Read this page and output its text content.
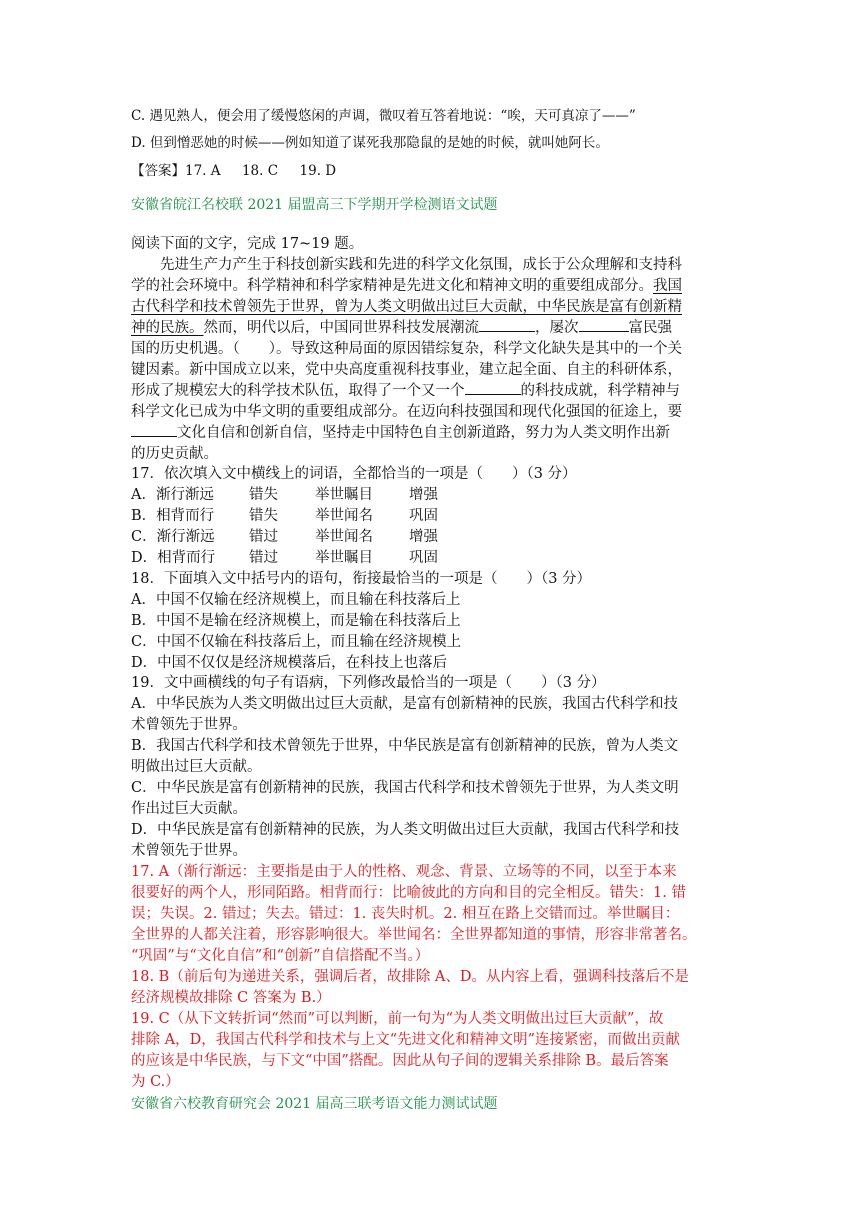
C. 遇见熟人，便会用了缓慢悠闲的声调，微叹着互答着地说：“唉，天可真凉了——”
D. 但到憎恶她的时候——例如知道了谋死我那隐鼠的是她的时候，就叫她阿长。
【答案】17. A     18. C     19. D
安徽省皖江名校联 2021 届盟高三下学期开学检测语文试题
阅读下面的文字，完成 17~19 题。
先进生产力产生于科技创新实践和先进的科学文化氛围，成长于公众理解和支持科
学的社会环境中。科学精神和科学家精神是先进文化和精神文明的重要组成部分。我国
古代科学和技术曾领先于世界，曾为人类文明做出过巨大贡献，中华民族是富有创新精
神的民族。然而，明代以后，中国同世界科技发展潮流	，屡次	富民强
国的历史机遇。（　　）。导致这种局面的原因错综复杂，科学文化缺失是其中的一个关
键因素。新中国成立以来，党中央高度重视科技事业，建立起全面、自主的科研体系，
形成了规模宏大的科学技术队伍，取得了一个又一个	的科技成就，科学精神与
科学文化已成为中华文明的重要组成部分。在迈向科技强国和现代化强国的征途上，要
文化自信和创新自信，坚持走中国特色自主创新道路，努力为人类文明作出新
的历史贡献。
17．依次填入文中横线上的词语，全都恰当的一项是（　　）（3 分）
A．渐行渐远 错失	举世瞩目 增强
B．相背而行 错失	举世闻名 巩固
C．渐行渐远 错过	举世闻名 增强
D．相背而行 错过	举世瞩目 巩固
18．下面填入文中括号内的语句，衔接最恰当的一项是（　　）（3 分）
A．中国不仅输在经济规模上，而且输在科技落后上
B．中国不是输在经济规模上，而是输在科技落后上
C．中国不仅输在科技落后上，而且输在经济规模上
D．中国不仅仅是经济规模落后，在科技上也落后
19．文中画横线的句子有语病，下列修改最恰当的一项是（　　）（3 分）
A．中华民族为人类文明做出过巨大贡献，是富有创新精神的民族，我国古代科学和技
术曾领先于世界。
B．我国古代科学和技术曾领先于世界，中华民族是富有创新精神的民族，曾为人类文
明做出过巨大贡献。
C．中华民族是富有创新精神的民族，我国古代科学和技术曾领先于世界，为人类文明
作出过巨大贡献。
D．中华民族是富有创新精神的民族，为人类文明做出过巨大贡献，我国古代科学和技
术曾领先于世界。
17. A（渐行渐远：主要指是由于人的性格、观念、背景、立场等的不同，以至于本来
很要好的两个人，形同陌路。相背而行：比喻彼此的方向和目的完全相反。错失：1. 错
误；失误。2. 错过；失去。错过：1. 丧失时机。2. 相互在路上交错而过。举世瞩目：
全世界的人都关注着，形容影响很大。举世闻名：全世界都知道的事情，形容非常著名。
“巩固”与“文化自信”和“创新”自信搭配不当。）
18. B（前后句为递进关系，强调后者，故排除 A、D。从内容上看，强调科技落后不是
经济规模故排除 C 答案为 B.）
19. C（从下文转折词“然而”可以判断，前一句为“为人类文明做出过巨大贡献”，故
排除 A，D，我国古代科学和技术与上文“先进文化和精神文明”连接紧密，而做出贡献
的应该是中华民族，与下文“中国”搭配。因此从句子间的逻辑关系排除 B。最后答案
为 C.）
安徽省六校教育研究会 2021 届高三联考语文能力测试试题
